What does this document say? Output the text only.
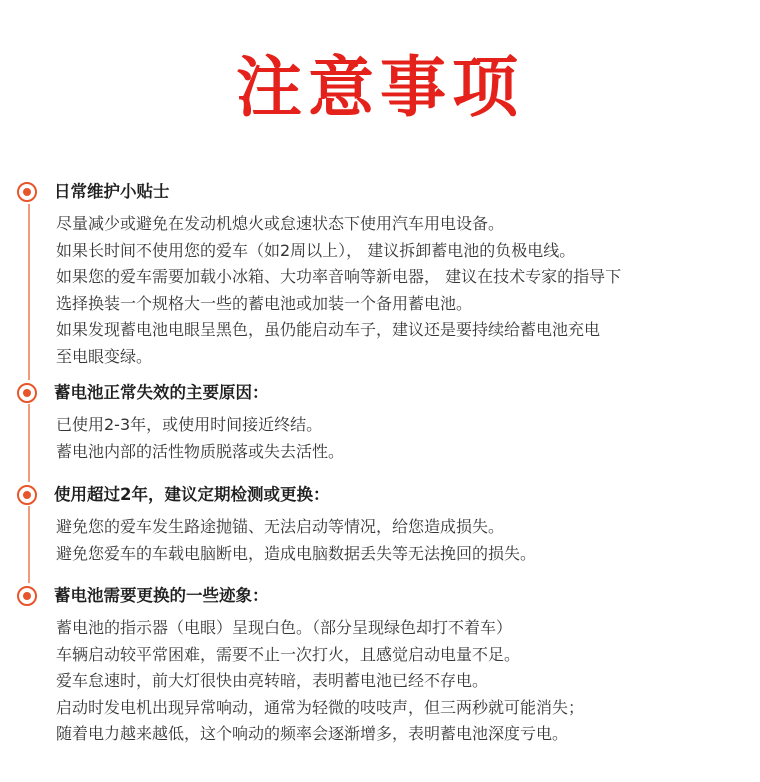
注意事项
日常维护小贴士
尽量减少或避免在发动机熄火或怠速状态下使用汽车用电设备。
如果长时间不使用您的爱车（如2周以上）， 建议拆卸蓄电池的负极电线。
如果您的爱车需要加载小冰箱、大功率音响等新电器， 建议在技术专家的指导下
选择换装一个规格大一些的蓄电池或加装一个备用蓄电池。
如果发现蓄电池电眼呈黑色，虽仍能启动车子，建议还是要持续给蓄电池充电
至电眼变绿。
蓄电池正常失效的主要原因：
已使用2-3年，或使用时间接近终结。
蓄电池内部的活性物质脱落或失去活性。
使用超过2年，建议定期检测或更换：
避免您的爱车发生路途抛锚、无法启动等情况，给您造成损失。
避免您爱车的车载电脑断电，造成电脑数据丢失等无法挽回的损失。
蓄电池需要更换的一些迹象：
蓄电池的指示器（电眼）呈现白色。（部分呈现绿色却打不着车）
车辆启动较平常困难，需要不止一次打火，且感觉启动电量不足。
爱车怠速时，前大灯很快由亮转暗，表明蓄电池已经不存电。
启动时发电机出现异常响动，通常为轻微的吱吱声，但三两秒就可能消失；
随着电力越来越低，这个响动的频率会逐渐增多，表明蓄电池深度亏电。
